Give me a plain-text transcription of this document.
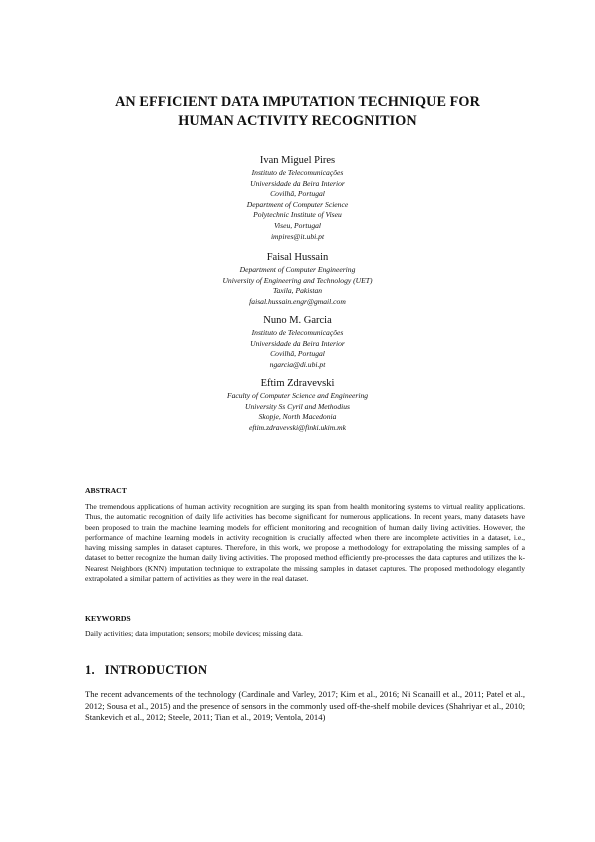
AN EFFICIENT DATA IMPUTATION TECHNIQUE FOR
HUMAN ACTIVITY RECOGNITION
Ivan Miguel Pires
Instituto de Telecomunicações
Universidade da Beira Interior
Covilhã, Portugal
Department of Computer Science
Polytechnic Institute of Viseu
Viseu, Portugal
impires@it.ubi.pt
Faisal Hussain
Department of Computer Engineering
University of Engineering and Technology (UET)
Taxila, Pakistan
faisal.hussain.engr@gmail.com
Nuno M. Garcia
Instituto de Telecomunicações
Universidade da Beira Interior
Covilhã, Portugal
ngarcia@di.ubi.pt
Eftim Zdravevski
Faculty of Computer Science and Engineering
University Ss Cyril and Methodius
Skopje, North Macedonia
eftim.zdravevski@finki.ukim.mk
ABSTRACT
The tremendous applications of human activity recognition are surging its span from health monitoring systems to virtual reality applications. Thus, the automatic recognition of daily life activities has become significant for numerous applications. In recent years, many datasets have been proposed to train the machine learning models for efficient monitoring and recognition of human daily living activities. However, the performance of machine learning models in activity recognition is crucially affected when there are incomplete activities in a dataset, i.e., having missing samples in dataset captures. Therefore, in this work, we propose a methodology for extrapolating the missing samples of a dataset to better recognize the human daily living activities. The proposed method efficiently pre-processes the data captures and utilizes the k-Nearest Neighbors (KNN) imputation technique to extrapolate the missing samples in dataset captures. The proposed methodology elegantly extrapolated a similar pattern of activities as they were in the real dataset.
KEYWORDS
Daily activities; data imputation; sensors; mobile devices; missing data.
1. INTRODUCTION
The recent advancements of the technology (Cardinale and Varley, 2017; Kim et al., 2016; Ni Scanaill et al., 2011; Patel et al., 2012; Sousa et al., 2015) and the presence of sensors in the commonly used off-the-shelf mobile devices (Shahriyar et al., 2010; Stankevich et al., 2012; Steele, 2011; Tian et al., 2019; Ventola, 2014)
